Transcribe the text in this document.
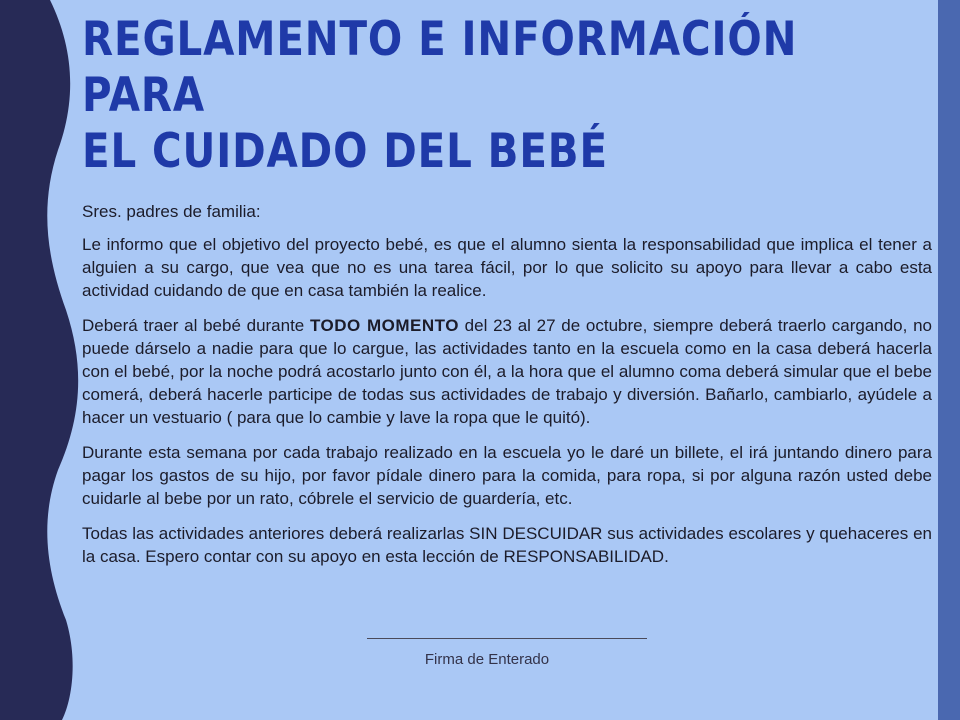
REGLAMENTO E INFORMACIÓN PARA
EL CUIDADO DEL BEBÉ

Sres. padres de familia:

Le informo que el objetivo del proyecto bebé, es que el alumno sienta la responsabilidad que implica el tener a alguien a su cargo, que vea que no es una tarea fácil, por lo que solicito su apoyo para llevar a cabo esta actividad cuidando de que en casa también la realice.

Deberá traer al bebé durante TODO MOMENTO del 23 al 27 de octubre, siempre deberá traerlo cargando, no puede dárselo a nadie para que lo cargue, las actividades tanto en la escuela como en la casa deberá hacerla con el bebé, por la noche podrá acostarlo junto con él, a la hora que el alumno coma deberá simular que el bebe comerá, deberá hacerle participe de todas sus actividades de trabajo y diversión. Bañarlo, cambiarlo, ayúdele a hacer un vestuario ( para que lo cambie y lave la ropa que le quitó).

Durante esta semana por cada trabajo realizado en la escuela yo le daré un billete, el irá juntando dinero para pagar los gastos de su hijo, por favor pídale dinero para la comida, para ropa, si por alguna razón usted debe cuidarle al bebe por un rato, cóbrele el servicio de guardería, etc.

Todas las actividades anteriores deberá realizarlas SIN DESCUIDAR sus actividades escolares y quehaceres en la casa. Espero contar con su apoyo en esta lección de RESPONSABILIDAD.

Firma de Enterado
